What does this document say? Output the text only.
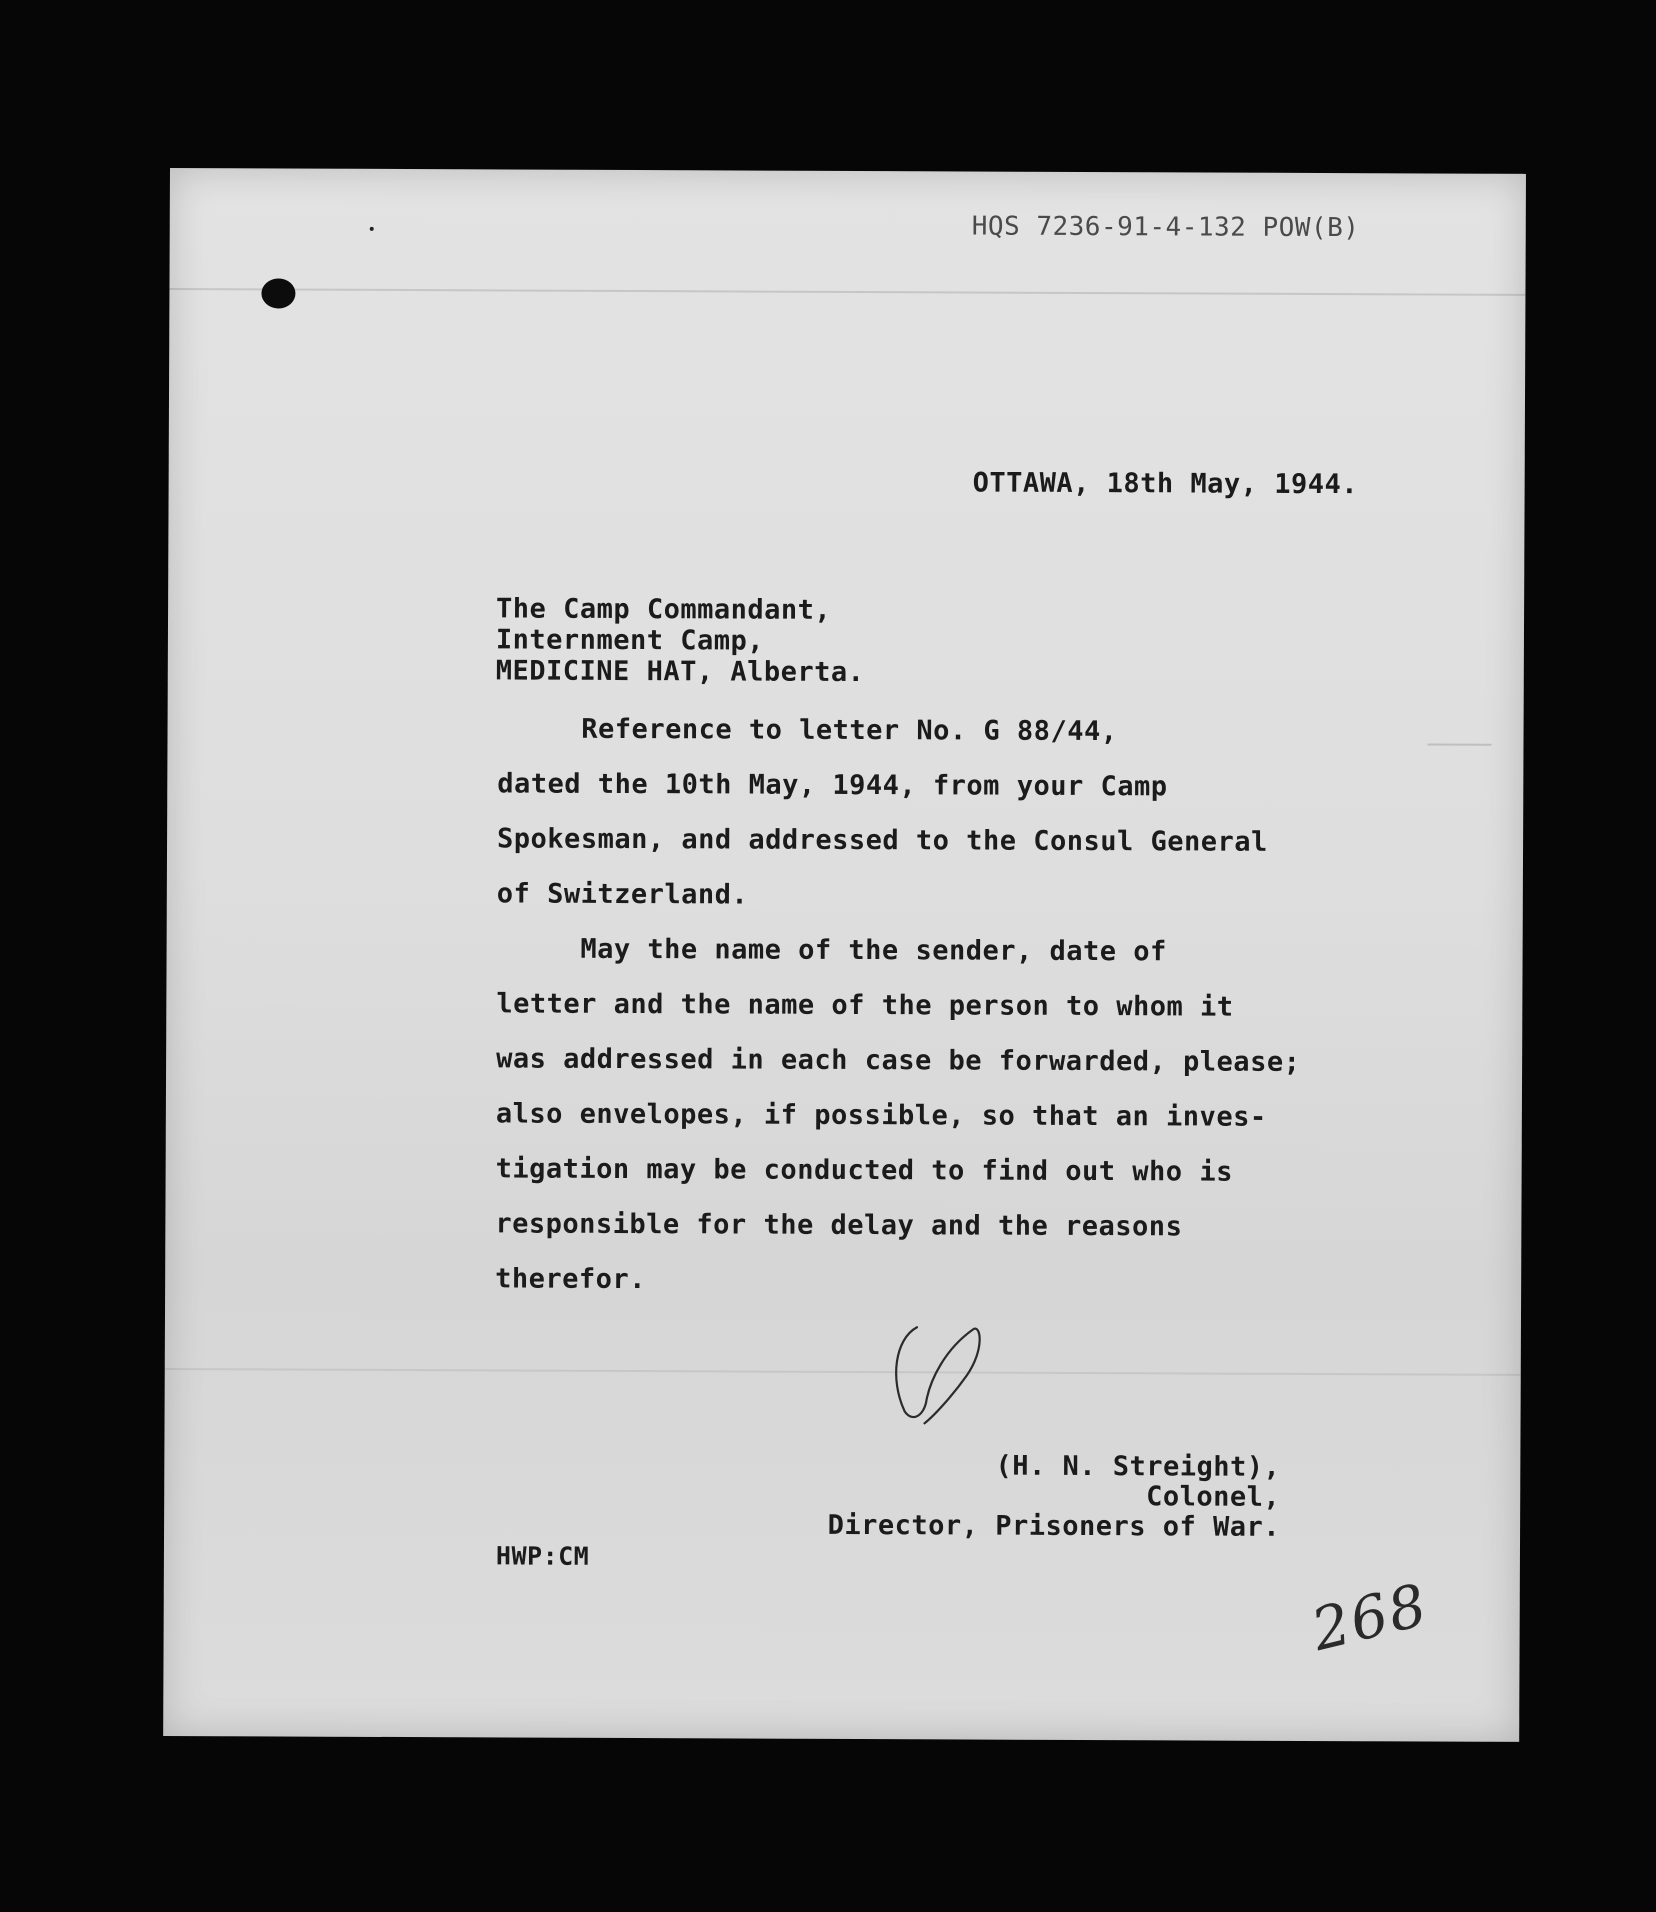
HQS 7236-91-4-132 POW(B)
OTTAWA, 18th May, 1944.
The Camp Commandant,
Internment Camp,
MEDICINE HAT, Alberta.
Reference to letter No. G 88/44,
dated the 10th May, 1944, from your Camp
Spokesman, and addressed to the Consul General
of Switzerland.
May the name of the sender, date of
letter and the name of the person to whom it
was addressed in each case be forwarded, please;
also envelopes, if possible, so that an inves-
tigation may be conducted to find out who is
responsible for the delay and the reasons
therefor.
(H. N. Streight),
Colonel,
Director, Prisoners of War.
HWP:CM
268
